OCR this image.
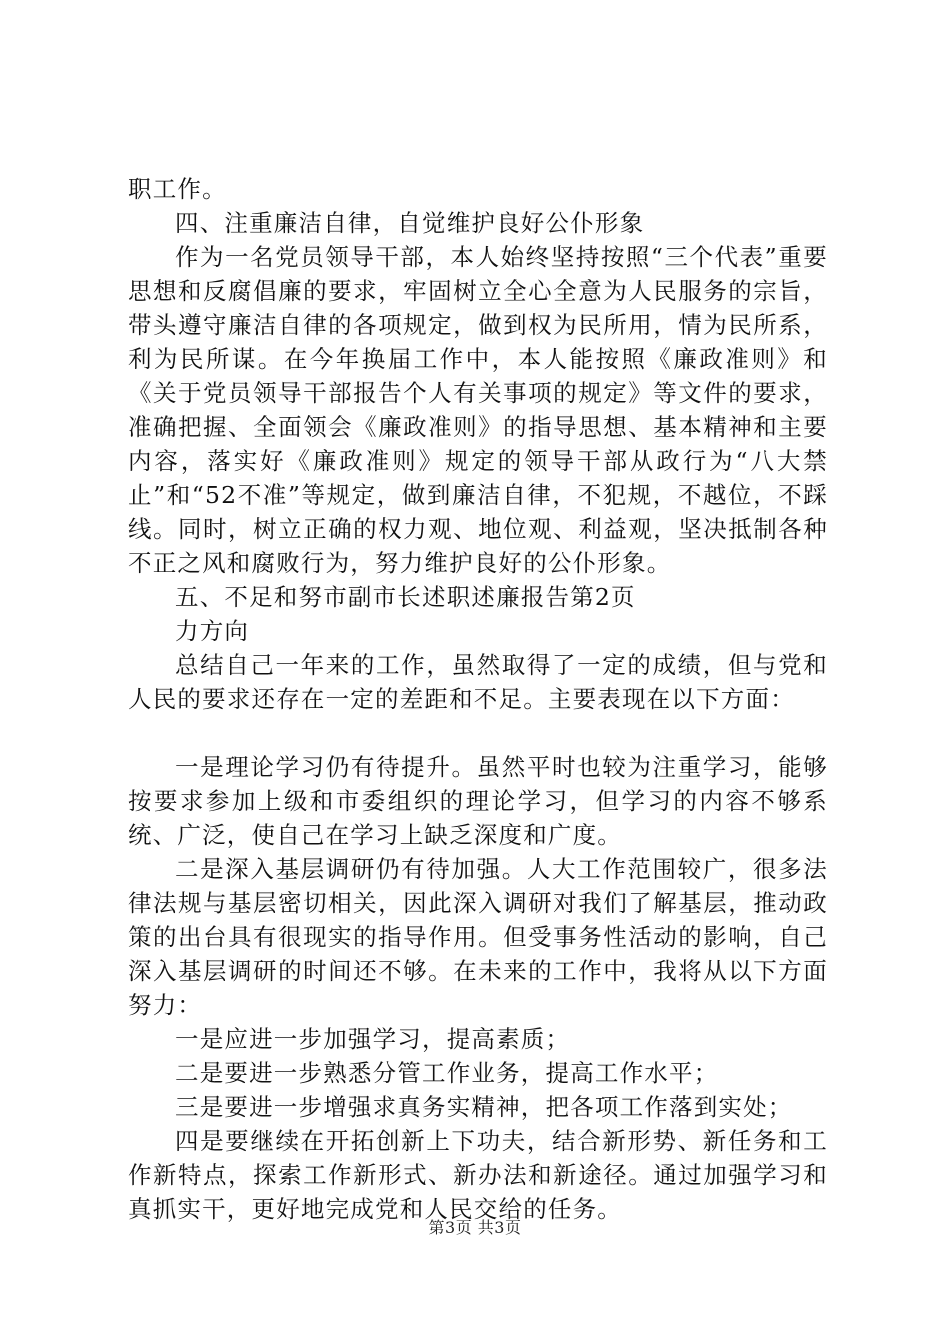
职工作。

四、注重廉洁自律，自觉维护良好公仆形象

作为一名党员领导干部，本人始终坚持按照“三个代表”重要思想和反腐倡廉的要求，牢固树立全心全意为人民服务的宗旨，带头遵守廉洁自律的各项规定，做到权为民所用，情为民所系，利为民所谋。在今年换届工作中，本人能按照《廉政准则》和《关于党员领导干部报告个人有关事项的规定》等文件的要求，准确把握、全面领会《廉政准则》的指导思想、基本精神和主要内容，落实好《廉政准则》规定的领导干部从政行为“八大禁止”和“52不准”等规定，做到廉洁自律，不犯规，不越位，不踩线。同时，树立正确的权力观、地位观、利益观，坚决抵制各种不正之风和腐败行为，努力维护良好的公仆形象。

五、不足和努市副市长述职述廉报告第2页

力方向

总结自己一年来的工作，虽然取得了一定的成绩，但与党和人民的要求还存在一定的差距和不足。主要表现在以下方面：

一是理论学习仍有待提升。虽然平时也较为注重学习，能够按要求参加上级和市委组织的理论学习，但学习的内容不够系统、广泛，使自己在学习上缺乏深度和广度。

二是深入基层调研仍有待加强。人大工作范围较广，很多法律法规与基层密切相关，因此深入调研对我们了解基层，推动政策的出台具有很现实的指导作用。但受事务性活动的影响，自己深入基层调研的时间还不够。在未来的工作中，我将从以下方面努力：

一是应进一步加强学习，提高素质；

二是要进一步熟悉分管工作业务，提高工作水平；

三是要进一步增强求真务实精神，把各项工作落到实处；

四是要继续在开拓创新上下功夫，结合新形势、新任务和工作新特点，探索工作新形式、新办法和新途径。通过加强学习和真抓实干，更好地完成党和人民交给的任务。

第3页 共3页
